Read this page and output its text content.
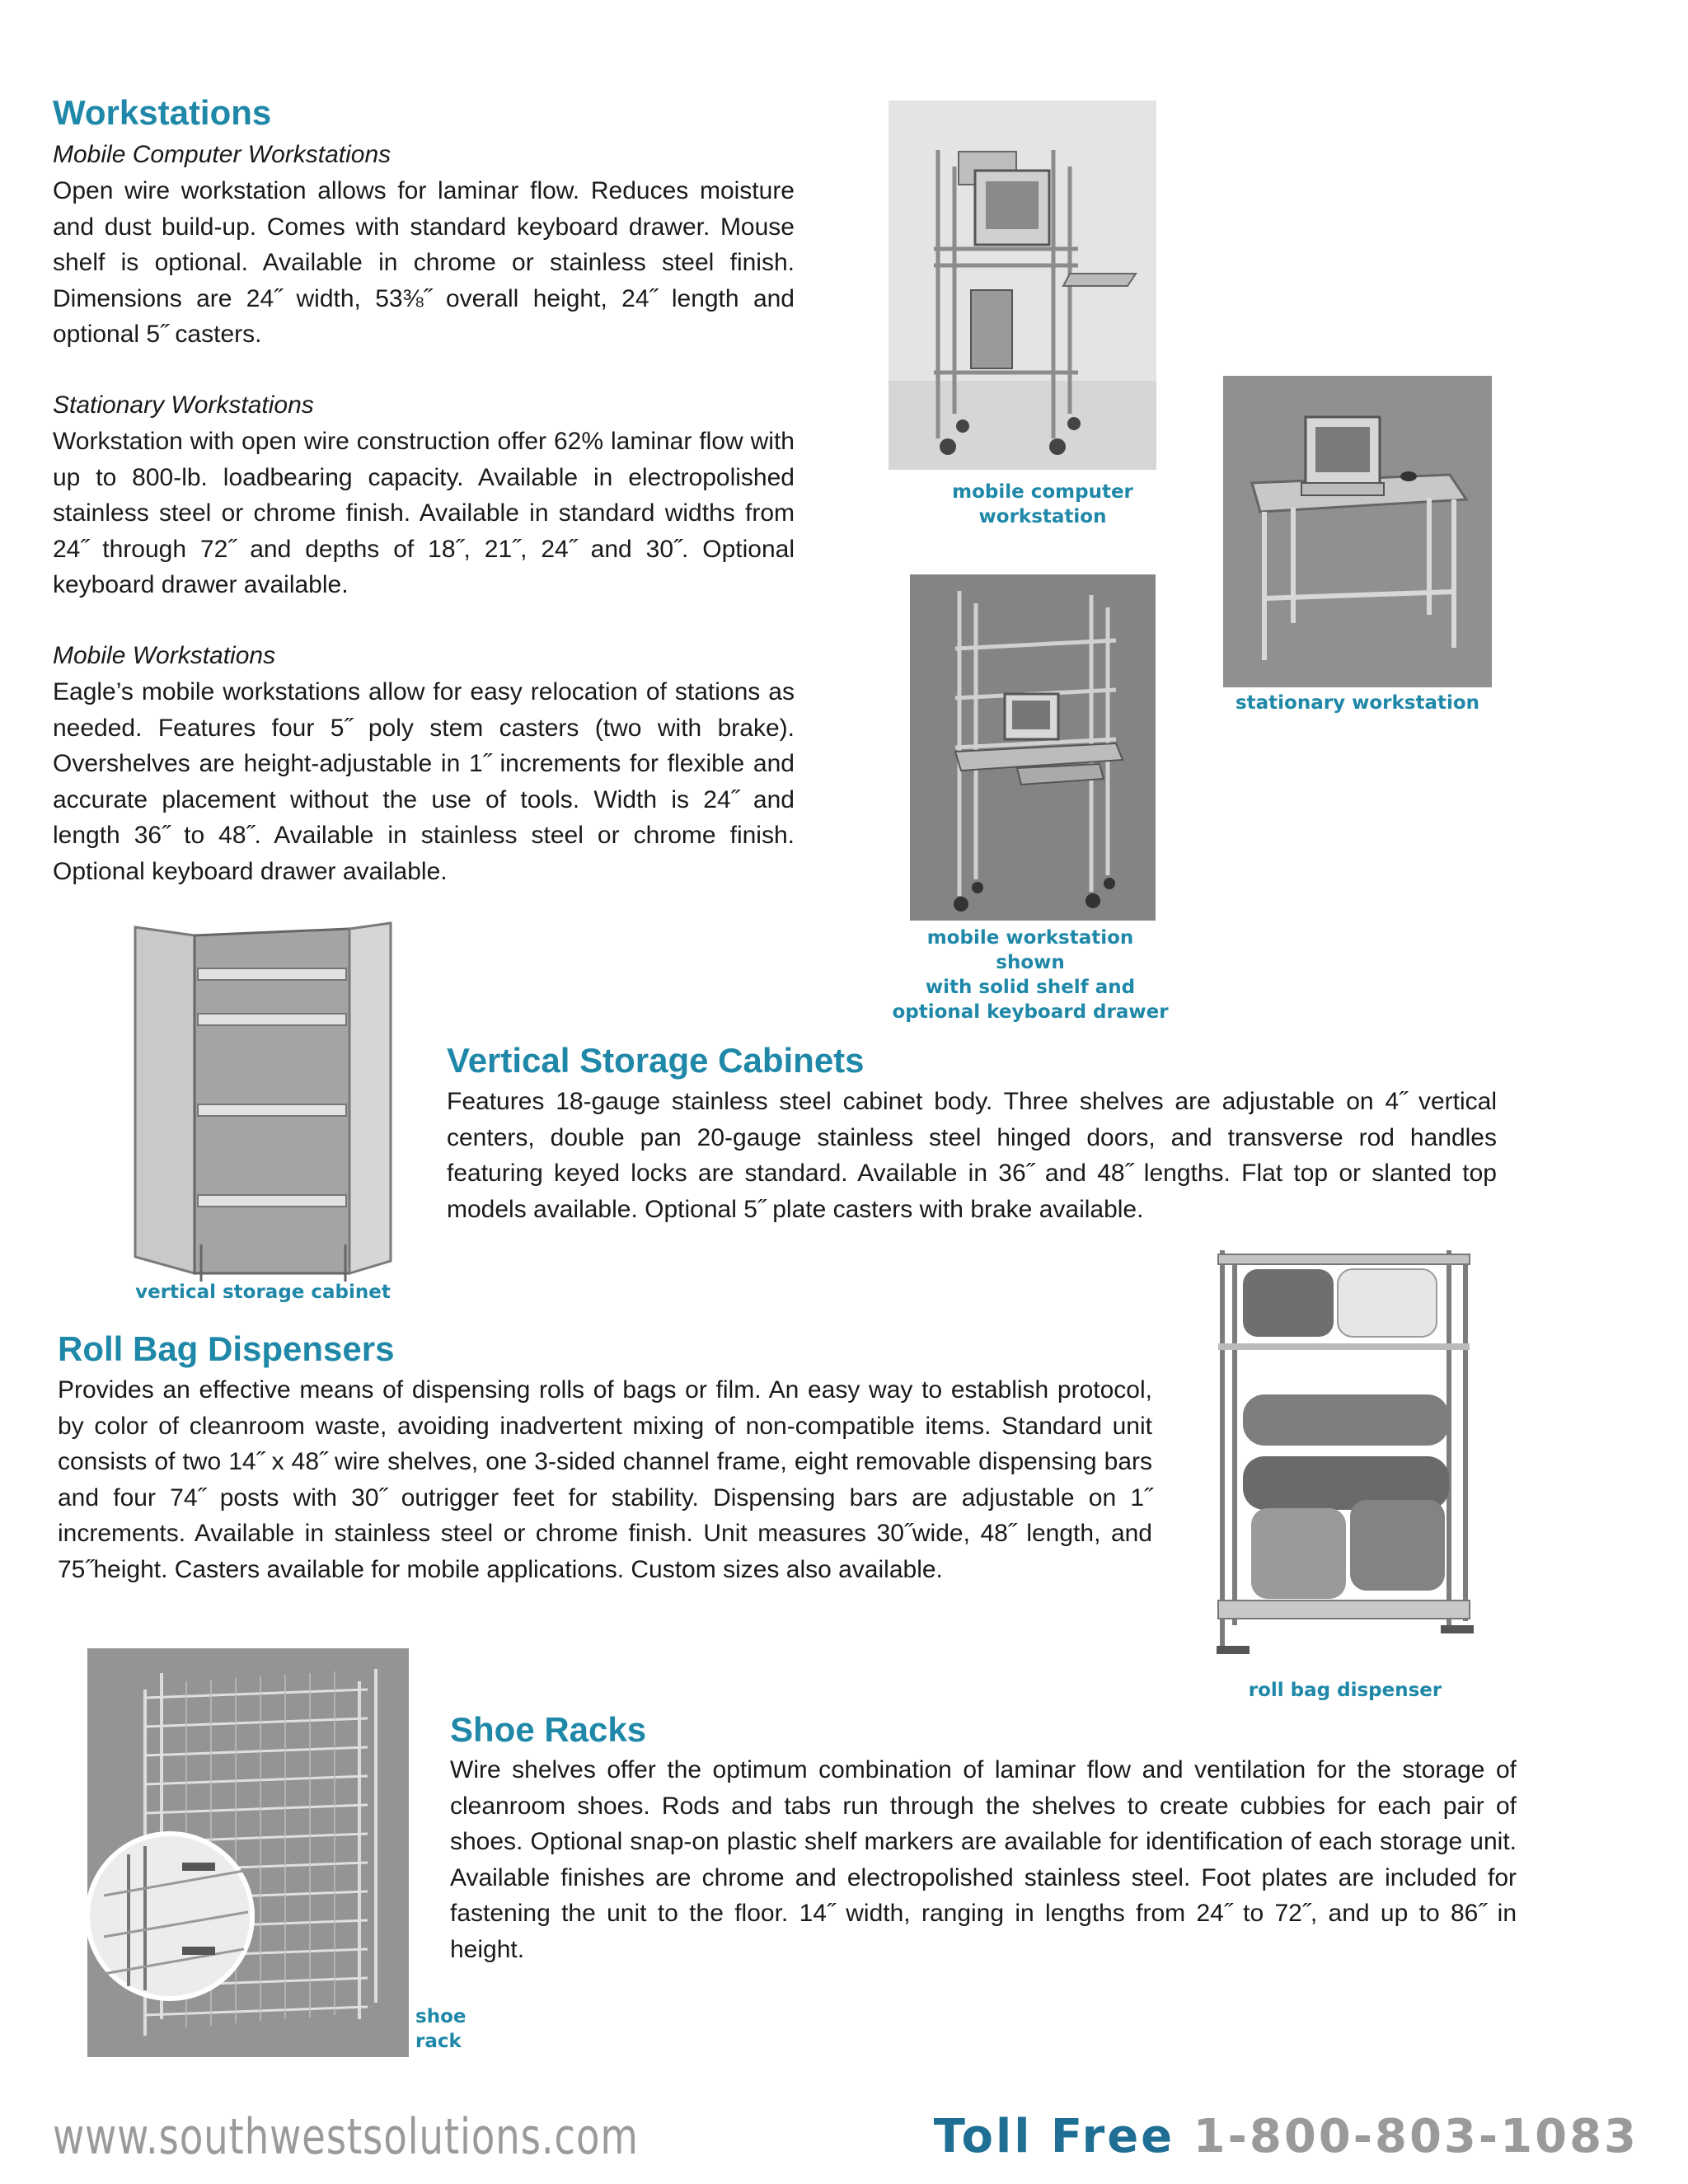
Workstations

Mobile Computer Workstations

Open wire workstation allows for laminar flow. Reduces moisture and dust build-up. Comes with standard keyboard drawer. Mouse shelf is optional. Available in chrome or stainless steel finish. Dimensions are 24˝ width, 53⅜˝ overall height, 24˝ length and optional 5˝ casters.

Stationary Workstations

Workstation with open wire construction offer 62% laminar flow with up to 800-lb. loadbearing capacity. Available in electropolished stainless steel or chrome finish. Available in standard widths from 24˝ through 72˝ and depths of 18˝, 21˝, 24˝ and 30˝. Optional keyboard drawer available.

Mobile Workstations

Eagle’s mobile workstations allow for easy relocation of stations as needed. Features four 5˝ poly stem casters (two with brake). Overshelves are height-adjustable in 1˝ increments for flexible and accurate placement without the use of tools. Width is 24˝ and length 36˝ to 48˝. Available in stainless steel or chrome finish. Optional keyboard drawer available.

mobile computer
workstation

stationary workstation

mobile workstation shown
with solid shelf and
optional keyboard drawer

vertical storage cabinet

Vertical Storage Cabinets

Features 18-gauge stainless steel cabinet body. Three shelves are adjustable on 4˝ vertical centers, double pan 20-gauge stainless steel hinged doors, and transverse rod handles featuring keyed locks are standard. Available in 36˝ and 48˝ lengths. Flat top or slanted top models available. Optional 5˝ plate casters with brake available.

Roll Bag Dispensers

Provides an effective means of dispensing rolls of bags or film. An easy way to establish protocol, by color of cleanroom waste, avoiding inadvertent mixing of non-compatible items. Standard unit consists of two 14˝ x 48˝ wire shelves, one 3-sided channel frame, eight removable dispensing bars and four 74˝ posts with 30˝ outrigger feet for stability. Dispensing bars are adjustable on 1˝ increments. Available in stainless steel or chrome finish. Unit measures 30˝wide, 48˝ length, and 75˝height. Casters available for mobile applications. Custom sizes also available.

roll bag dispenser

shoe rack

Shoe Racks

Wire shelves offer the optimum combination of laminar flow and ventilation for the storage of cleanroom shoes. Rods and tabs run through the shelves to create cubbies for each pair of shoes. Optional snap-on plastic shelf markers are available for identification of each storage unit. Available finishes are chrome and electropolished stainless steel. Foot plates are included for fastening the unit to the floor. 14˝ width, ranging in lengths from 24˝ to 72˝, and up to 86˝ in height.

www.southwestsolutions.com	Toll Free 1-800-803-1083
